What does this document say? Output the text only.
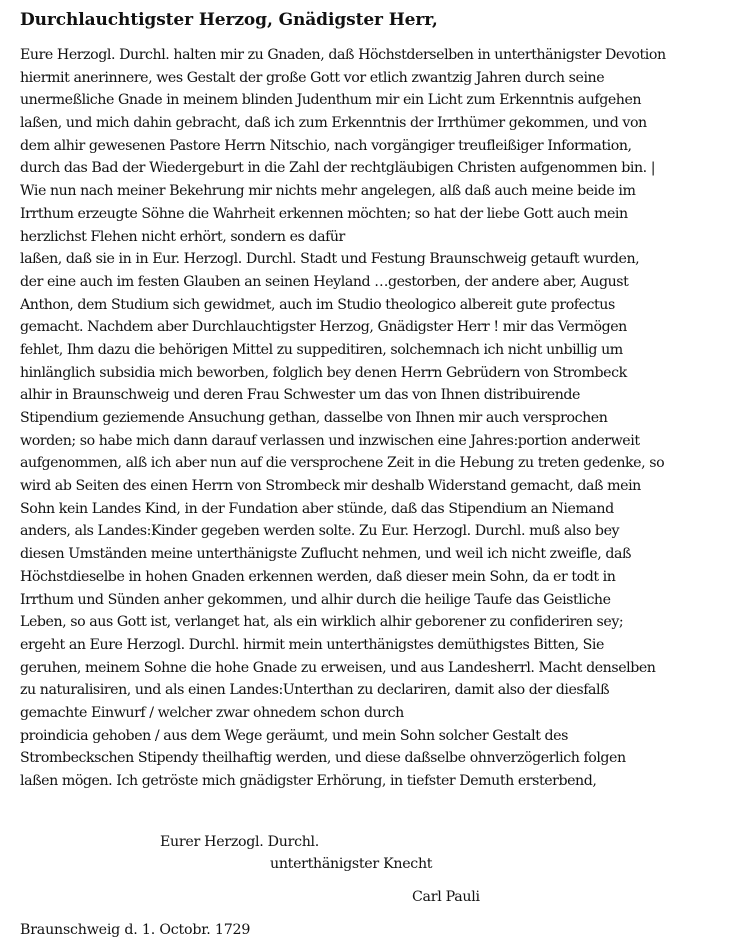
Durchlauchtigster Herzog, Gnädigster Herr,
Eure Herzogl. Durchl. halten mir zu Gnaden, daß Höchstderselben in unterthänigster Devotion
hiermit anerinnere, wes Gestalt der große Gott vor etlich zwantzig Jahren durch seine
unermeßliche Gnade in meinem blinden Judenthum mir ein Licht zum Erkenntnis aufgehen
laßen, und mich dahin gebracht, daß ich zum Erkenntnis der Irrthümer gekommen, und von
dem alhir gewesenen Pastore Herrn Nitschio, nach vorgängiger treufleißiger Information,
durch das Bad der Wiedergeburt in die Zahl der rechtgläubigen Christen aufgenommen bin. |
Wie nun nach meiner Bekehrung mir nichts mehr angelegen, alß daß auch meine beide im
Irrthum erzeugte Söhne die Wahrheit erkennen möchten; so hat der liebe Gott auch mein
herzlichst Flehen nicht erhört, sondern es dafür
laßen, daß sie in in Eur. Herzogl. Durchl. Stadt und Festung Braunschweig getauft wurden,
der eine auch im festen Glauben an seinen Heyland …gestorben, der andere aber, August
Anthon, dem Studium sich gewidmet, auch im Studio theologico albereit gute profectus
gemacht. Nachdem aber Durchlauchtigster Herzog, Gnädigster Herr ! mir das Vermögen
fehlet, Ihm dazu die behörigen Mittel zu suppeditiren, solchemnach ich nicht unbillig um
hinlänglich subsidia mich beworben, folglich bey denen Herrn Gebrüdern von Strombeck
alhir in Braunschweig und deren Frau Schwester um das von Ihnen distribuirende
Stipendium geziemende Ansuchung gethan, dasselbe von Ihnen mir auch versprochen
worden; so habe mich dann darauf verlassen und inzwischen eine Jahres:portion anderweit
aufgenommen, alß ich aber nun auf die versprochene Zeit in die Hebung zu treten gedenke, so
wird ab Seiten des einen Herrn von Strombeck mir deshalb Widerstand gemacht, daß mein
Sohn kein Landes Kind, in der Fundation aber stünde, daß das Stipendium an Niemand
anders, als Landes:Kinder gegeben werden solte. Zu Eur. Herzogl. Durchl. muß also bey
diesen Umständen meine unterthänigste Zuflucht nehmen, und weil ich nicht zweifle, daß
Höchstdieselbe in hohen Gnaden erkennen werden, daß dieser mein Sohn, da er todt in
Irrthum und Sünden anher gekommen, und alhir durch die heilige Taufe das Geistliche
Leben, so aus Gott ist, verlanget hat, als ein wirklich alhir geborener zu confideriren sey;
ergeht an Eure Herzogl. Durchl. hirmit mein unterthänigstes demüthigstes Bitten, Sie
geruhen, meinem Sohne die hohe Gnade zu erweisen, und aus Landesherrl. Macht denselben
zu naturalisiren, und als einen Landes:Unterthan zu declariren, damit also der diesfalß
gemachte Einwurf / welcher zwar ohnedem schon durch
proindicia gehoben / aus dem Wege geräumt, und mein Sohn solcher Gestalt des
Strombeckschen Stipendy theilhaftig werden, und diese daßselbe ohnverzögerlich folgen
laßen mögen. Ich getröste mich gnädigster Erhörung, in tiefster Demuth ersterbend,
Eurer Herzogl. Durchl.
unterthänigster Knecht
Carl Pauli
Braunschweig d. 1. Octobr. 1729
